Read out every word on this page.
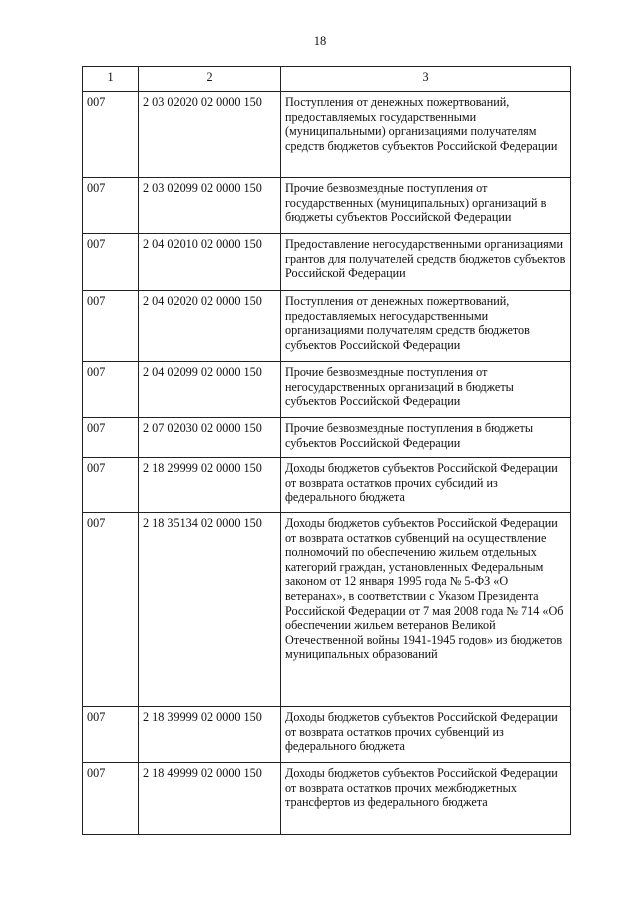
18
1	2	3
007	2 03 02020 02 0000 150	Поступления от денежных пожертвований, предоставляемых государственными (муниципальными) организациями получателям средств бюджетов субъектов Российской Федерации
007	2 03 02099 02 0000 150	Прочие безвозмездные поступления от государственных (муниципальных) организаций в бюджеты субъектов Российской Федерации
007	2 04 02010 02 0000 150	Предоставление негосударственными организациями грантов для получателей средств бюджетов субъектов Российской Федерации
007	2 04 02020 02 0000 150	Поступления от денежных пожертвований, предоставляемых негосударственными организациями получателям средств бюджетов субъектов Российской Федерации
007	2 04 02099 02 0000 150	Прочие безвозмездные поступления от негосударственных организаций в бюджеты субъектов Российской Федерации
007	2 07 02030 02 0000 150	Прочие безвозмездные поступления в бюджеты субъектов Российской Федерации
007	2 18 29999 02 0000 150	Доходы бюджетов субъектов Российской Федерации от возврата остатков прочих субсидий из федерального бюджета
007	2 18 35134 02 0000 150	Доходы бюджетов субъектов Российской Федерации от возврата остатков субвенций на осуществление полномочий по обеспечению жильем отдельных категорий граждан, установленных Федеральным законом от 12 января 1995 года № 5-ФЗ «О ветеранах», в соответствии с Указом Президента Российской Федерации от 7 мая 2008 года № 714 «Об обеспечении жильем ветеранов Великой Отечественной войны 1941-1945 годов» из бюджетов муниципальных образований
007	2 18 39999 02 0000 150	Доходы бюджетов субъектов Российской Федерации от возврата остатков прочих субвенций из федерального бюджета
007	2 18 49999 02 0000 150	Доходы бюджетов субъектов Российской Федерации от возврата остатков прочих межбюджетных трансфертов из федерального бюджета
